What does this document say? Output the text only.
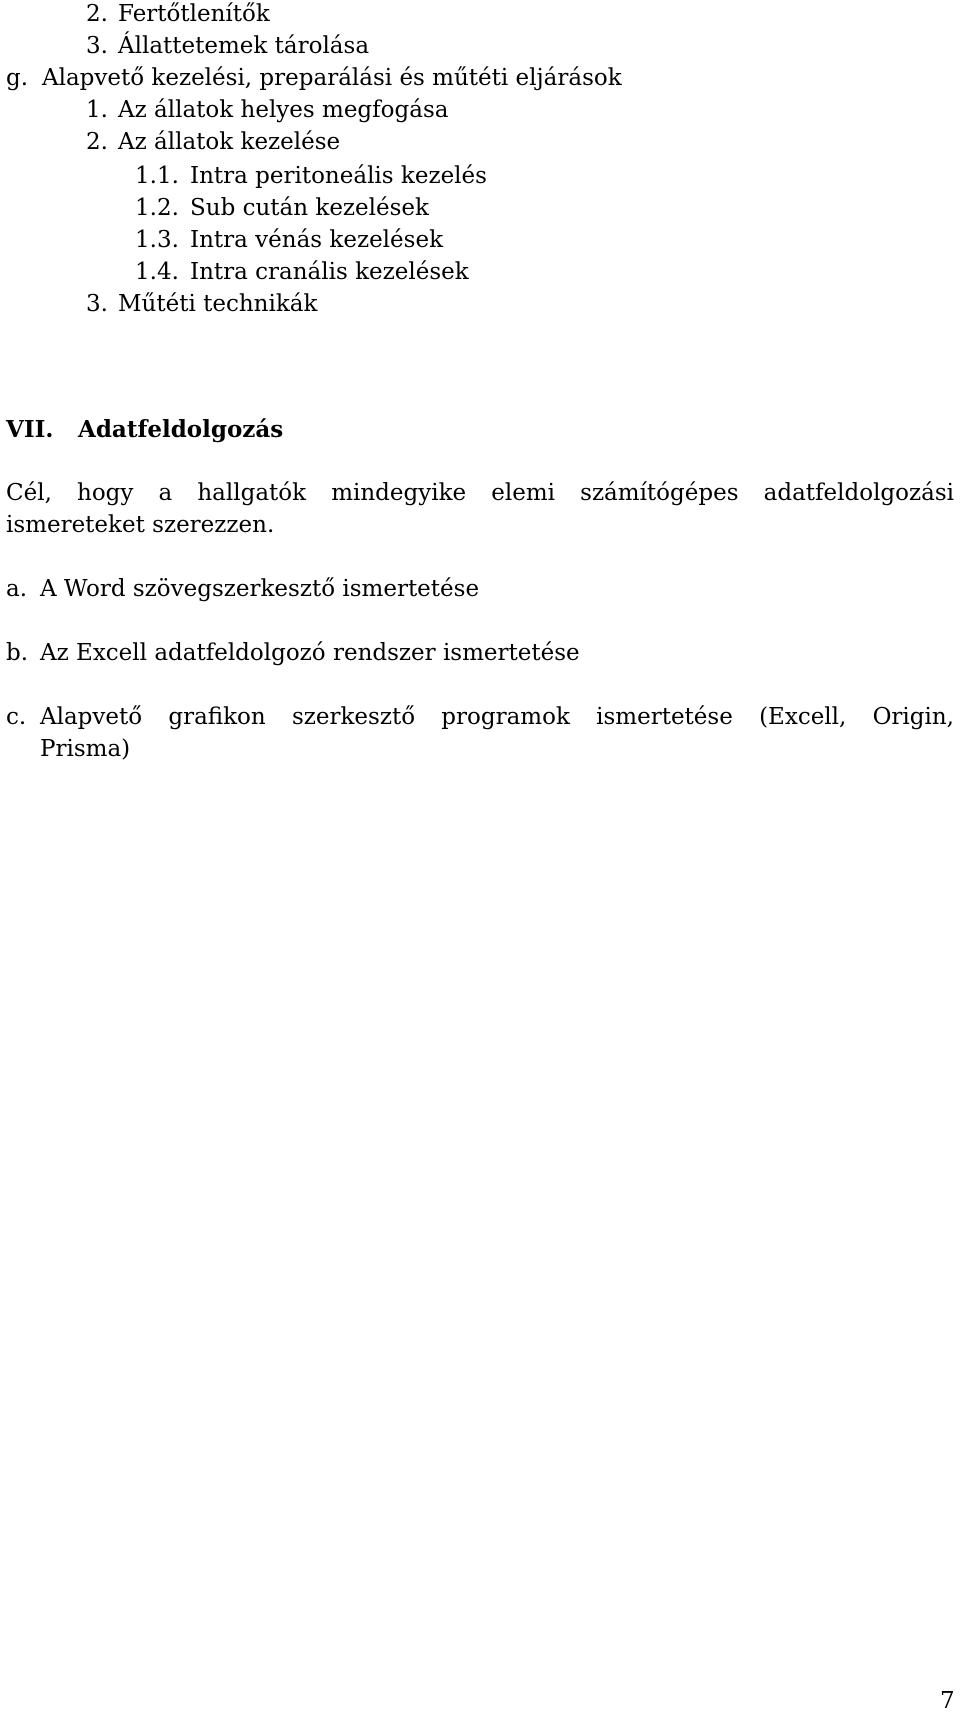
2. Fertőtlenítők
3. Állattetemek tárolása
g. Alapvető kezelési, preparálási és műtéti eljárások
1. Az állatok helyes megfogása
2. Az állatok kezelése
1.1. Intra peritoneális kezelés
1.2. Sub cután kezelések
1.3. Intra vénás kezelések
1.4. Intra cranális kezelések
3. Műtéti technikák
VII. Adatfeldolgozás
Cél, hogy a hallgatók mindegyike elemi számítógépes adatfeldolgozási
ismereteket szerezzen.
a. A Word szövegszerkesztő ismertetése
b. Az Excell adatfeldolgozó rendszer ismertetése
c. Alapvető grafikon szerkesztő programok ismertetése (Excell, Origin,
Prisma)
7
